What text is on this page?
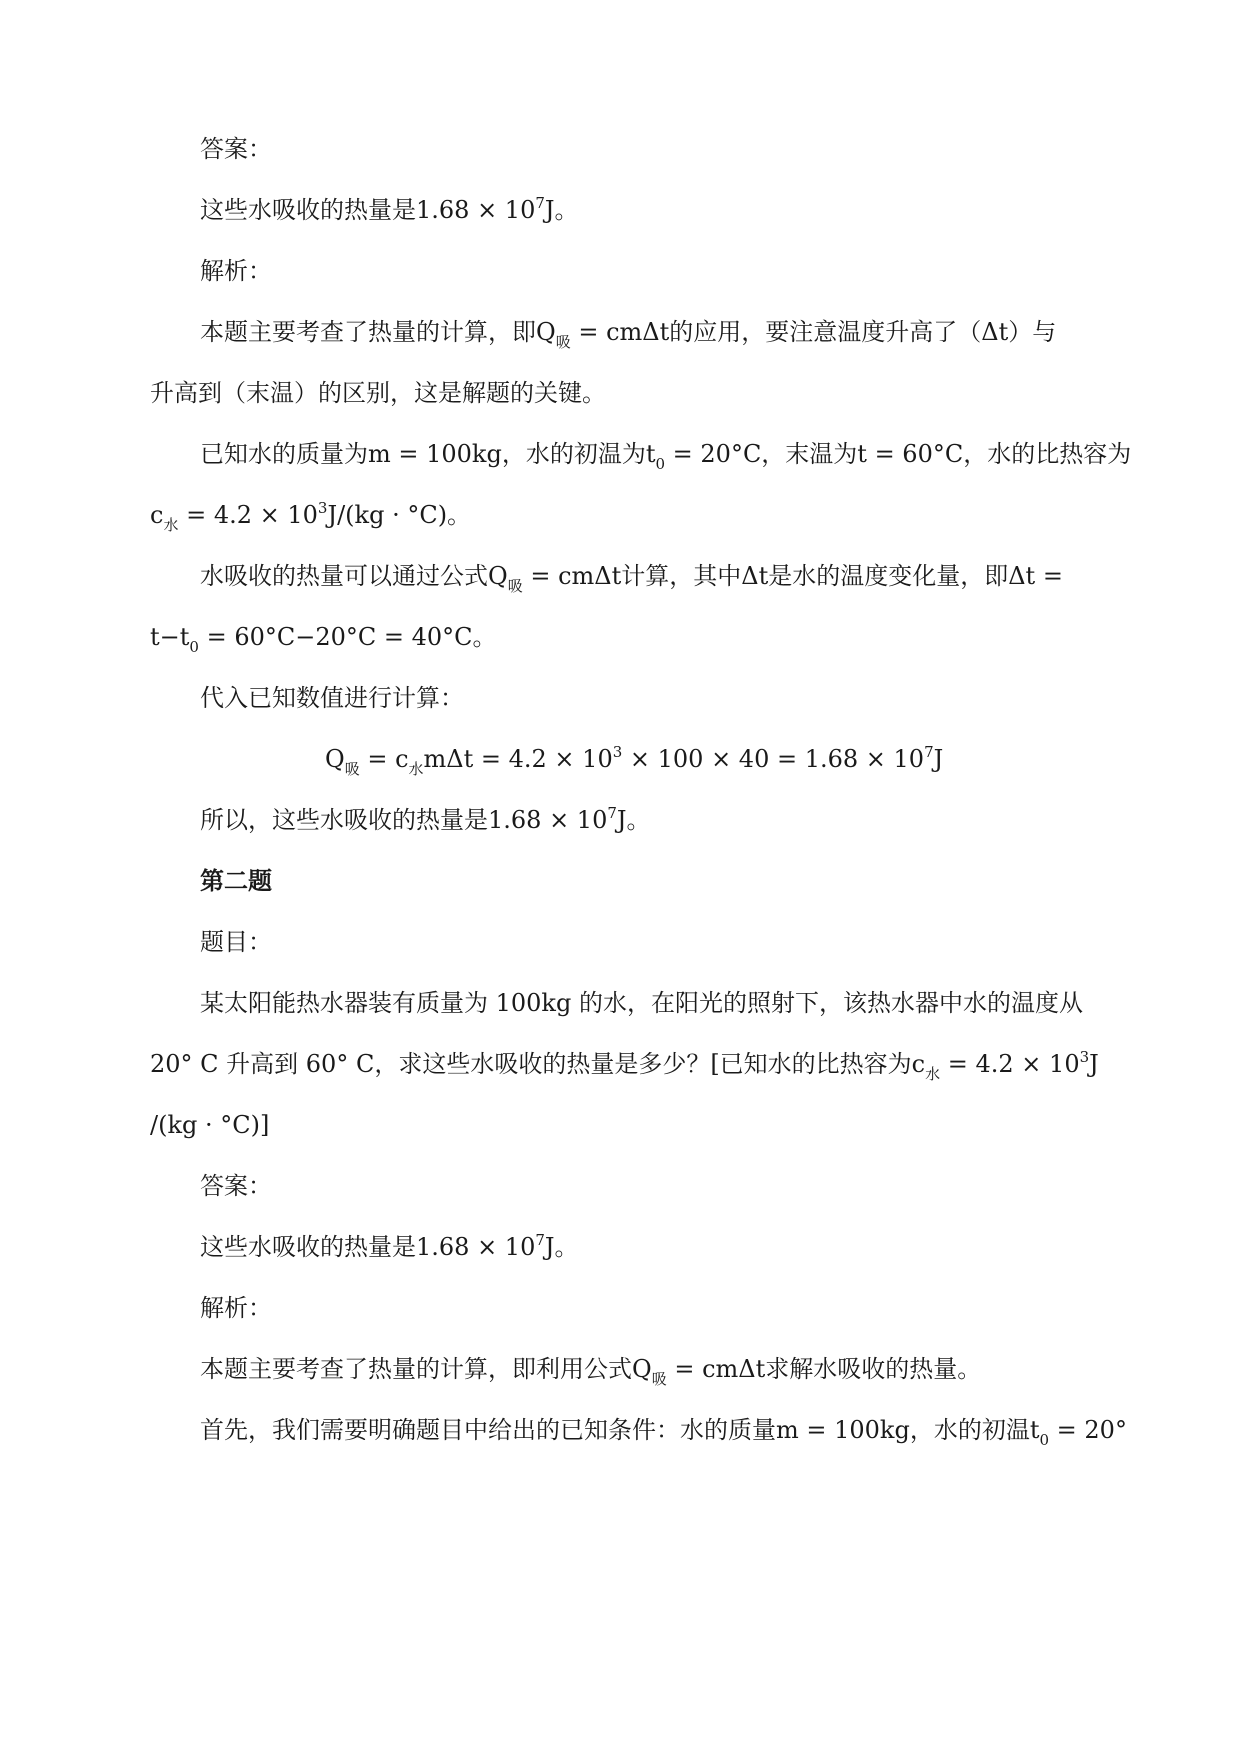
答案：
这些水吸收的热量是$1.68 \times 10^7J$。
解析：
本题主要考查了热量的计算，即$Q_吸 = cm\Delta t$的应用，要注意温度升高了（Δt）与
升高到（末温）的区别，这是解题的关键。
已知水的质量为m = 100kg，水的初温为$t_0 = 20^\circ C$，末温为t = 60°C，水的比热容为
$c_水 = 4.2 \times 10^3J/(kg \cdot ^\circ C)$。
水吸收的热量可以通过公式$Q_吸 = cm\Delta t$计算，其中Δt是水的温度变化量，即Δt =
$t-t_0 = 60^\circ C-20^\circ C = 40^\circ C$。
代入已知数值进行计算：
$Q_吸 = c_水m\Delta t = 4.2 \times 10^3 \times 100 \times 40 = 1.68 \times 10^7J$
所以，这些水吸收的热量是$1.68 \times 10^7J$。
第二题
题目：
某太阳能热水器装有质量为 100kg 的水，在阳光的照射下，该热水器中水的温度从
20° C 升高到 60° C，求这些水吸收的热量是多少？[已知水的比热容为$c_水 = 4.2 \times 10^3J$
/(kg · °C)]
答案：
这些水吸收的热量是$1.68 \times 10^7J$。
解析：
本题主要考查了热量的计算，即利用公式$Q_吸 = cm\Delta t$求解水吸收的热量。
首先，我们需要明确题目中给出的已知条件：水的质量m = 100kg，水的初温$t_0 = 20^\circ$
